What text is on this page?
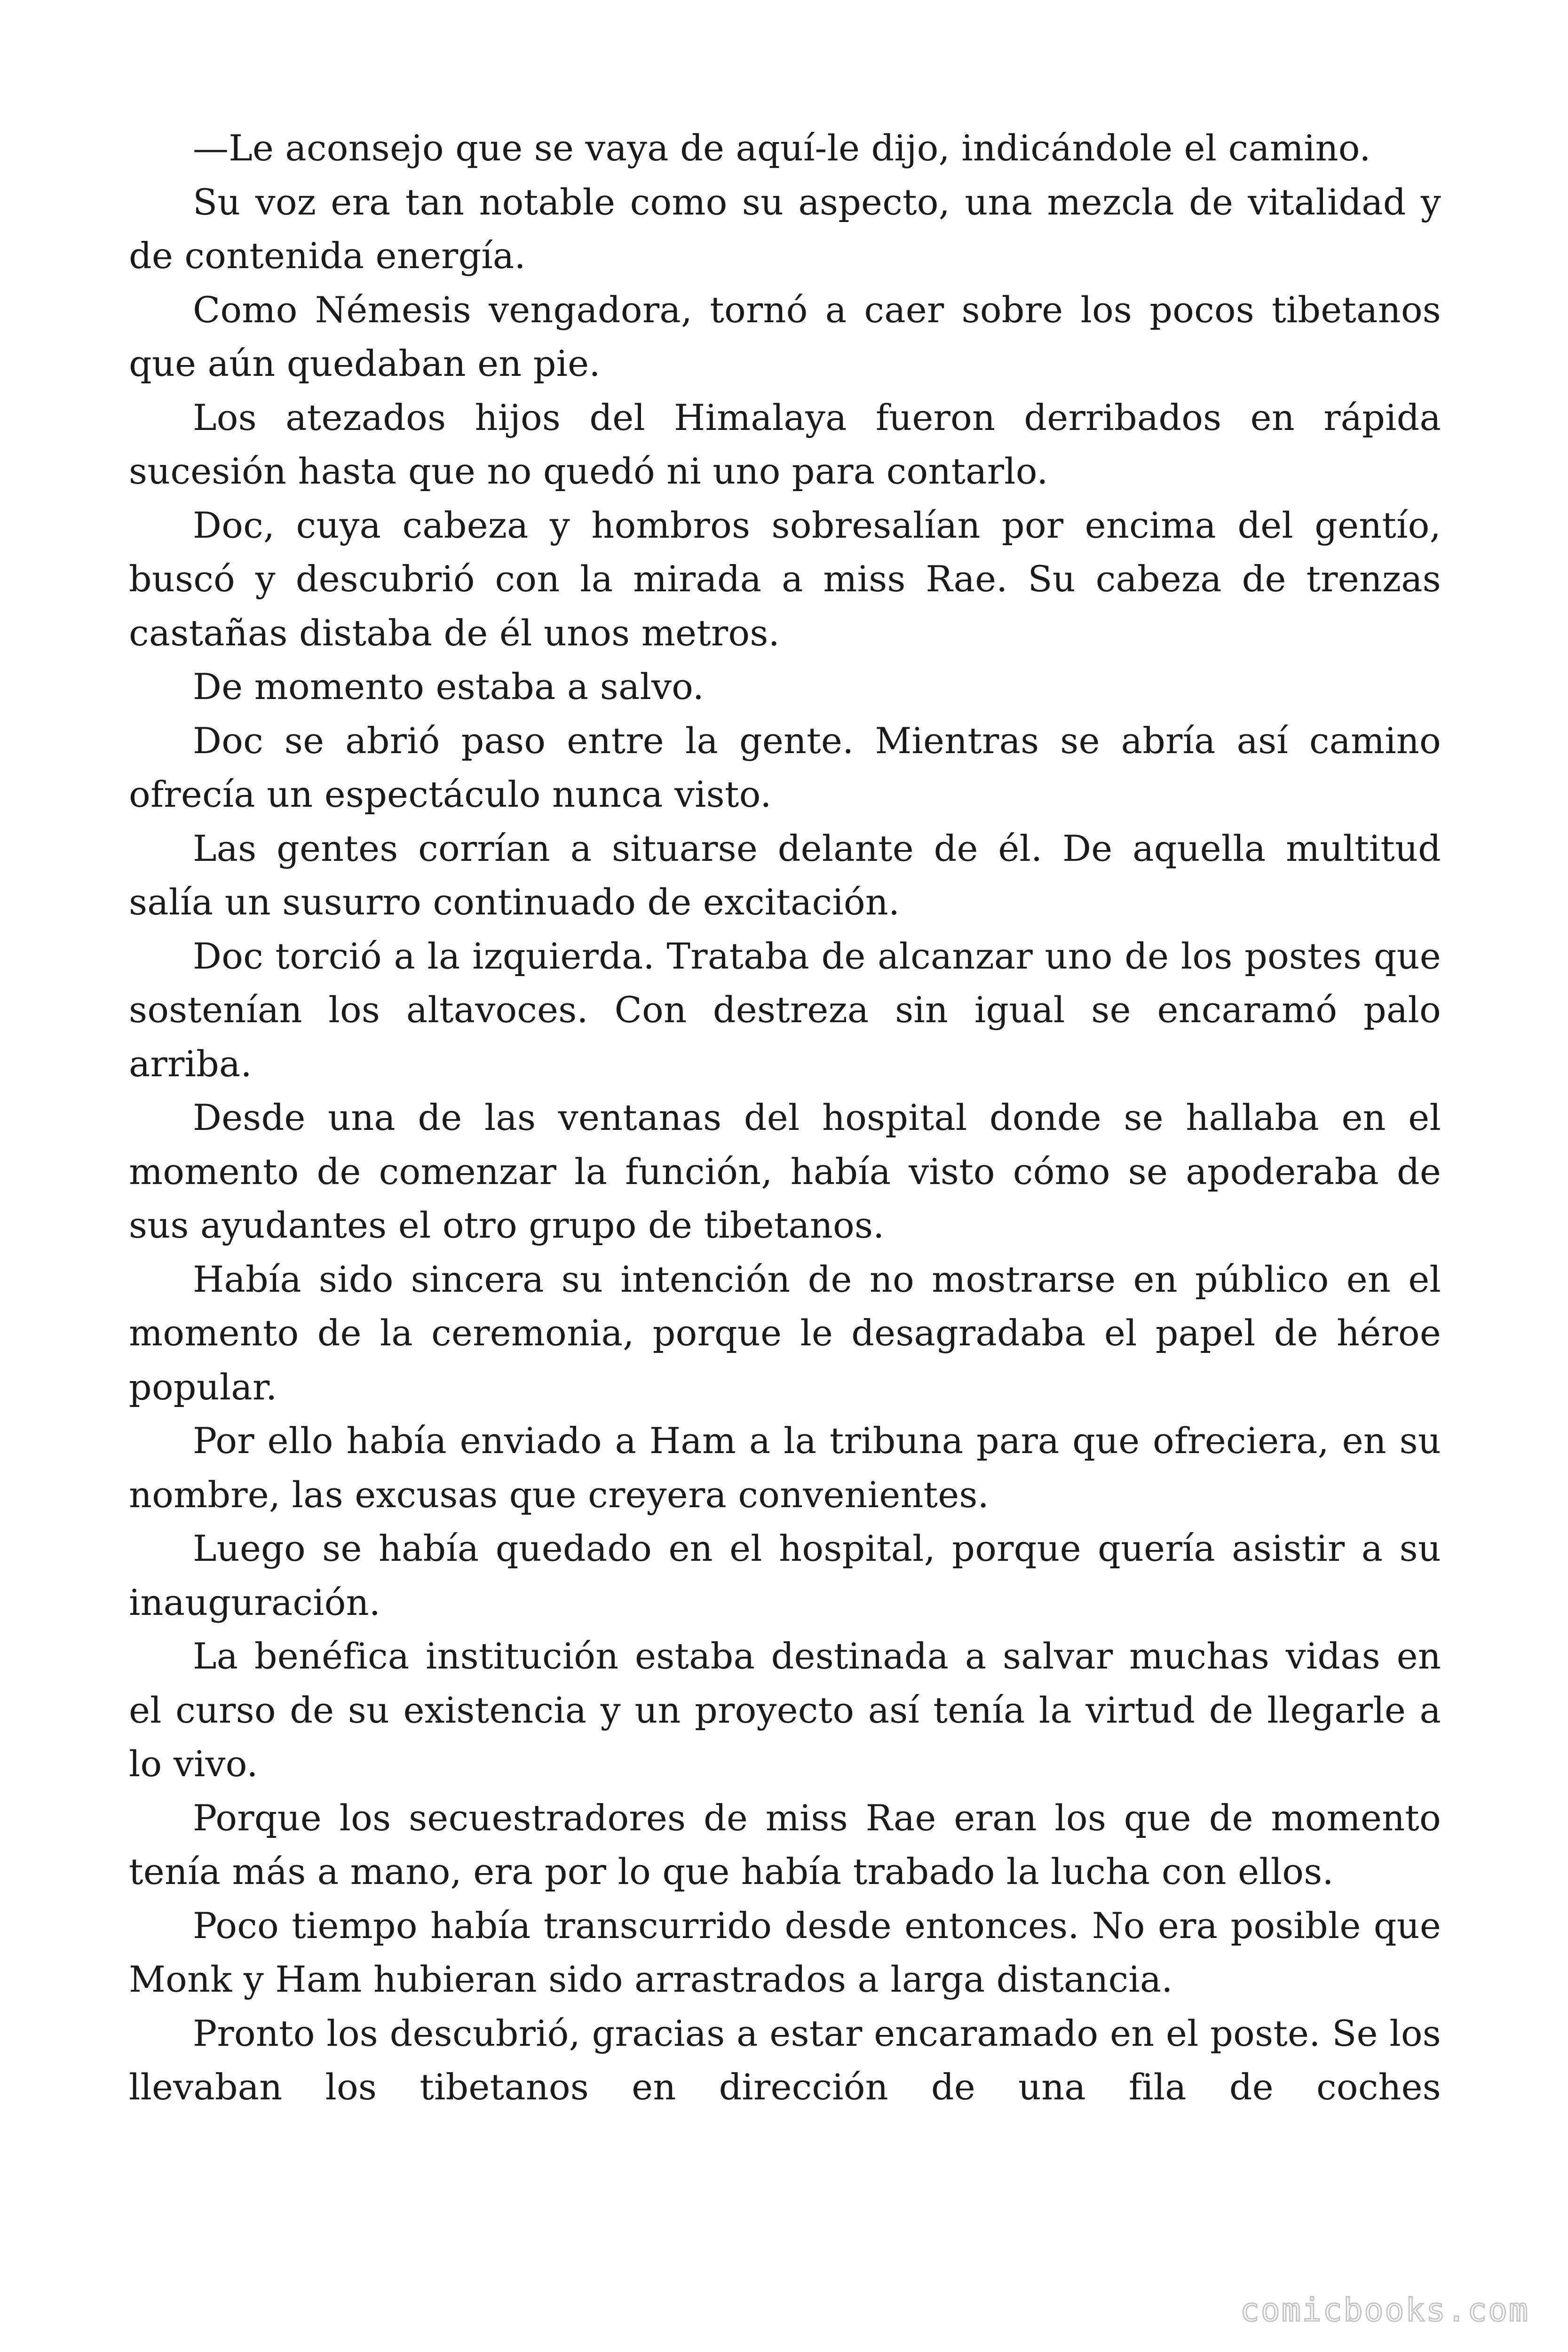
—Le aconsejo que se vaya de aquí-le dijo, indicándole el camino.

Su voz era tan notable como su aspecto, una mezcla de vitalidad y de contenida energía.

Como Némesis vengadora, tornó a caer sobre los pocos tibetanos que aún quedaban en pie.

Los atezados hijos del Himalaya fueron derribados en rápida sucesión hasta que no quedó ni uno para contarlo.

Doc, cuya cabeza y hombros sobresalían por encima del gentío, buscó y descubrió con la mirada a miss Rae. Su cabeza de trenzas castañas distaba de él unos metros.

De momento estaba a salvo.

Doc se abrió paso entre la gente. Mientras se abría así camino ofrecía un espectáculo nunca visto.

Las gentes corrían a situarse delante de él. De aquella multitud salía un susurro continuado de excitación.

Doc torció a la izquierda. Trataba de alcanzar uno de los postes que sostenían los altavoces. Con destreza sin igual se encaramó palo arriba.

Desde una de las ventanas del hospital donde se hallaba en el momento de comenzar la función, había visto cómo se apoderaba de sus ayudantes el otro grupo de tibetanos.

Había sido sincera su intención de no mostrarse en público en el momento de la ceremonia, porque le desagradaba el papel de héroe popular.

Por ello había enviado a Ham a la tribuna para que ofreciera, en su nombre, las excusas que creyera convenientes.

Luego se había quedado en el hospital, porque quería asistir a su inauguración.

La benéfica institución estaba destinada a salvar muchas vidas en el curso de su existencia y un proyecto así tenía la virtud de llegarle a lo vivo.

Porque los secuestradores de miss Rae eran los que de momento tenía más a mano, era por lo que había trabado la lucha con ellos.

Poco tiempo había transcurrido desde entonces. No era posible que Monk y Ham hubieran sido arrastrados a larga distancia.

Pronto los descubrió, gracias a estar encaramado en el poste. Se los llevaban los tibetanos en dirección de una fila de coches

comicbooks.com
